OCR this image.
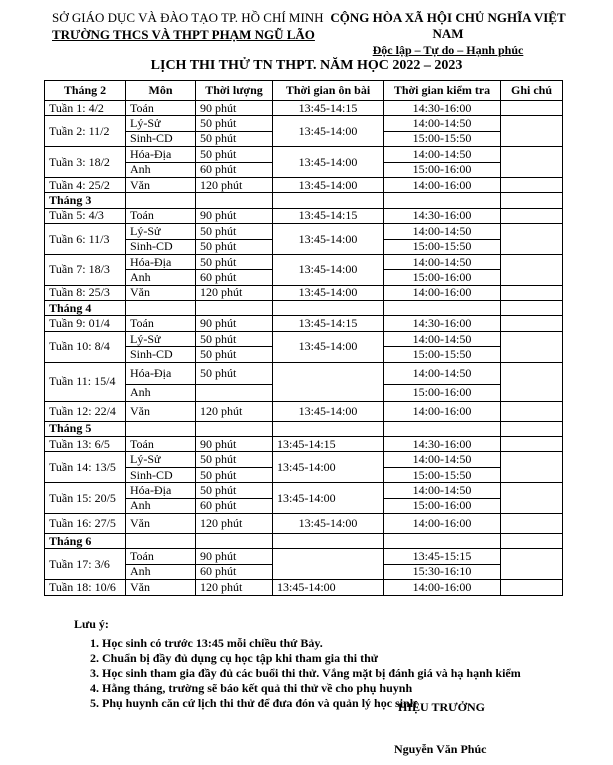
SỞ GIÁO DỤC VÀ ĐÀO TẠO TP. HỒ CHÍ MINH
TRƯỜNG THCS VÀ THPT PHẠM NGŨ LÃO
CỘNG HÒA XÃ HỘI CHỦ NGHĨA VIỆT NAM
Độc lập – Tự do – Hạnh phúc
LỊCH THI THỬ TN THPT. NĂM HỌC 2022 – 2023
Tháng 2	Môn	Thời lượng	Thời gian ôn bài	Thời gian kiểm tra	Ghi chú
Tuần 1: 4/2	Toán	90 phút	13:45-14:15	14:30-16:00	
Tuần 2: 11/2	Lý-Sử	50 phút	13:45-14:00	14:00-14:50	
	Sinh-CD	50 phút		15:00-15:50	
Tuần 3: 18/2	Hóa-Địa	50 phút	13:45-14:00	14:00-14:50	
	Anh	60 phút		15:00-16:00	
Tuần 4: 25/2	Văn	120 phút	13:45-14:00	14:00-16:00	
Tháng 3					
Tuần 5: 4/3	Toán	90 phút	13:45-14:15	14:30-16:00	
Tuần 6: 11/3	Lý-Sử	50 phút	13:45-14:00	14:00-14:50	
	Sinh-CD	50 phút		15:00-15:50	
Tuần 7: 18/3	Hóa-Địa	50 phút	13:45-14:00	14:00-14:50	
	Anh	60 phút		15:00-16:00	
Tuần 8: 25/3	Văn	120 phút	13:45-14:00	14:00-16:00	
Tháng 4					
Tuần 9: 01/4	Toán	90 phút	13:45-14:15	14:30-16:00	
Tuần 10: 8/4	Lý-Sử	50 phút	13:45-14:00	14:00-14:50	
	Sinh-CD	50 phút		15:00-15:50	
Tuần 11: 15/4	Hóa-Địa	50 phút		14:00-14:50	
	Anh			15:00-16:00	
Tuần 12: 22/4	Văn	120 phút	13:45-14:00	14:00-16:00	
Tháng 5					
Tuần 13: 6/5	Toán	90 phút	13:45-14:15	14:30-16:00	
Tuần 14: 13/5	Lý-Sử	50 phút	13:45-14:00	14:00-14:50	
	Sinh-CD	50 phút		15:00-15:50	
Tuần 15: 20/5	Hóa-Địa	50 phút	13:45-14:00	14:00-14:50	
	Anh	60 phút		15:00-16:00	
Tuần 16: 27/5	Văn	120 phút	13:45-14:00	14:00-16:00	
Tháng 6					
Tuần 17: 3/6	Toán	90 phút		13:45-15:15	
	Anh	60 phút		15:30-16:10	
Tuần 18: 10/6	Văn	120 phút	13:45-14:00	14:00-16:00	
Lưu ý:
1. Học sinh có trước 13:45 mỗi chiều thứ Bảy.
2. Chuẩn bị đầy đủ dụng cụ học tập khi tham gia thi thử
3. Học sinh tham gia đầy đủ các buổi thi thử. Vắng mặt bị đánh giá và hạ hạnh kiểm
4. Hằng tháng, trường sẽ báo kết quả thi thử về cho phụ huynh
5. Phụ huynh căn cứ lịch thi thử để đưa đón và quản lý học sinh
HIỆU TRƯỞNG
Nguyễn Văn Phúc
